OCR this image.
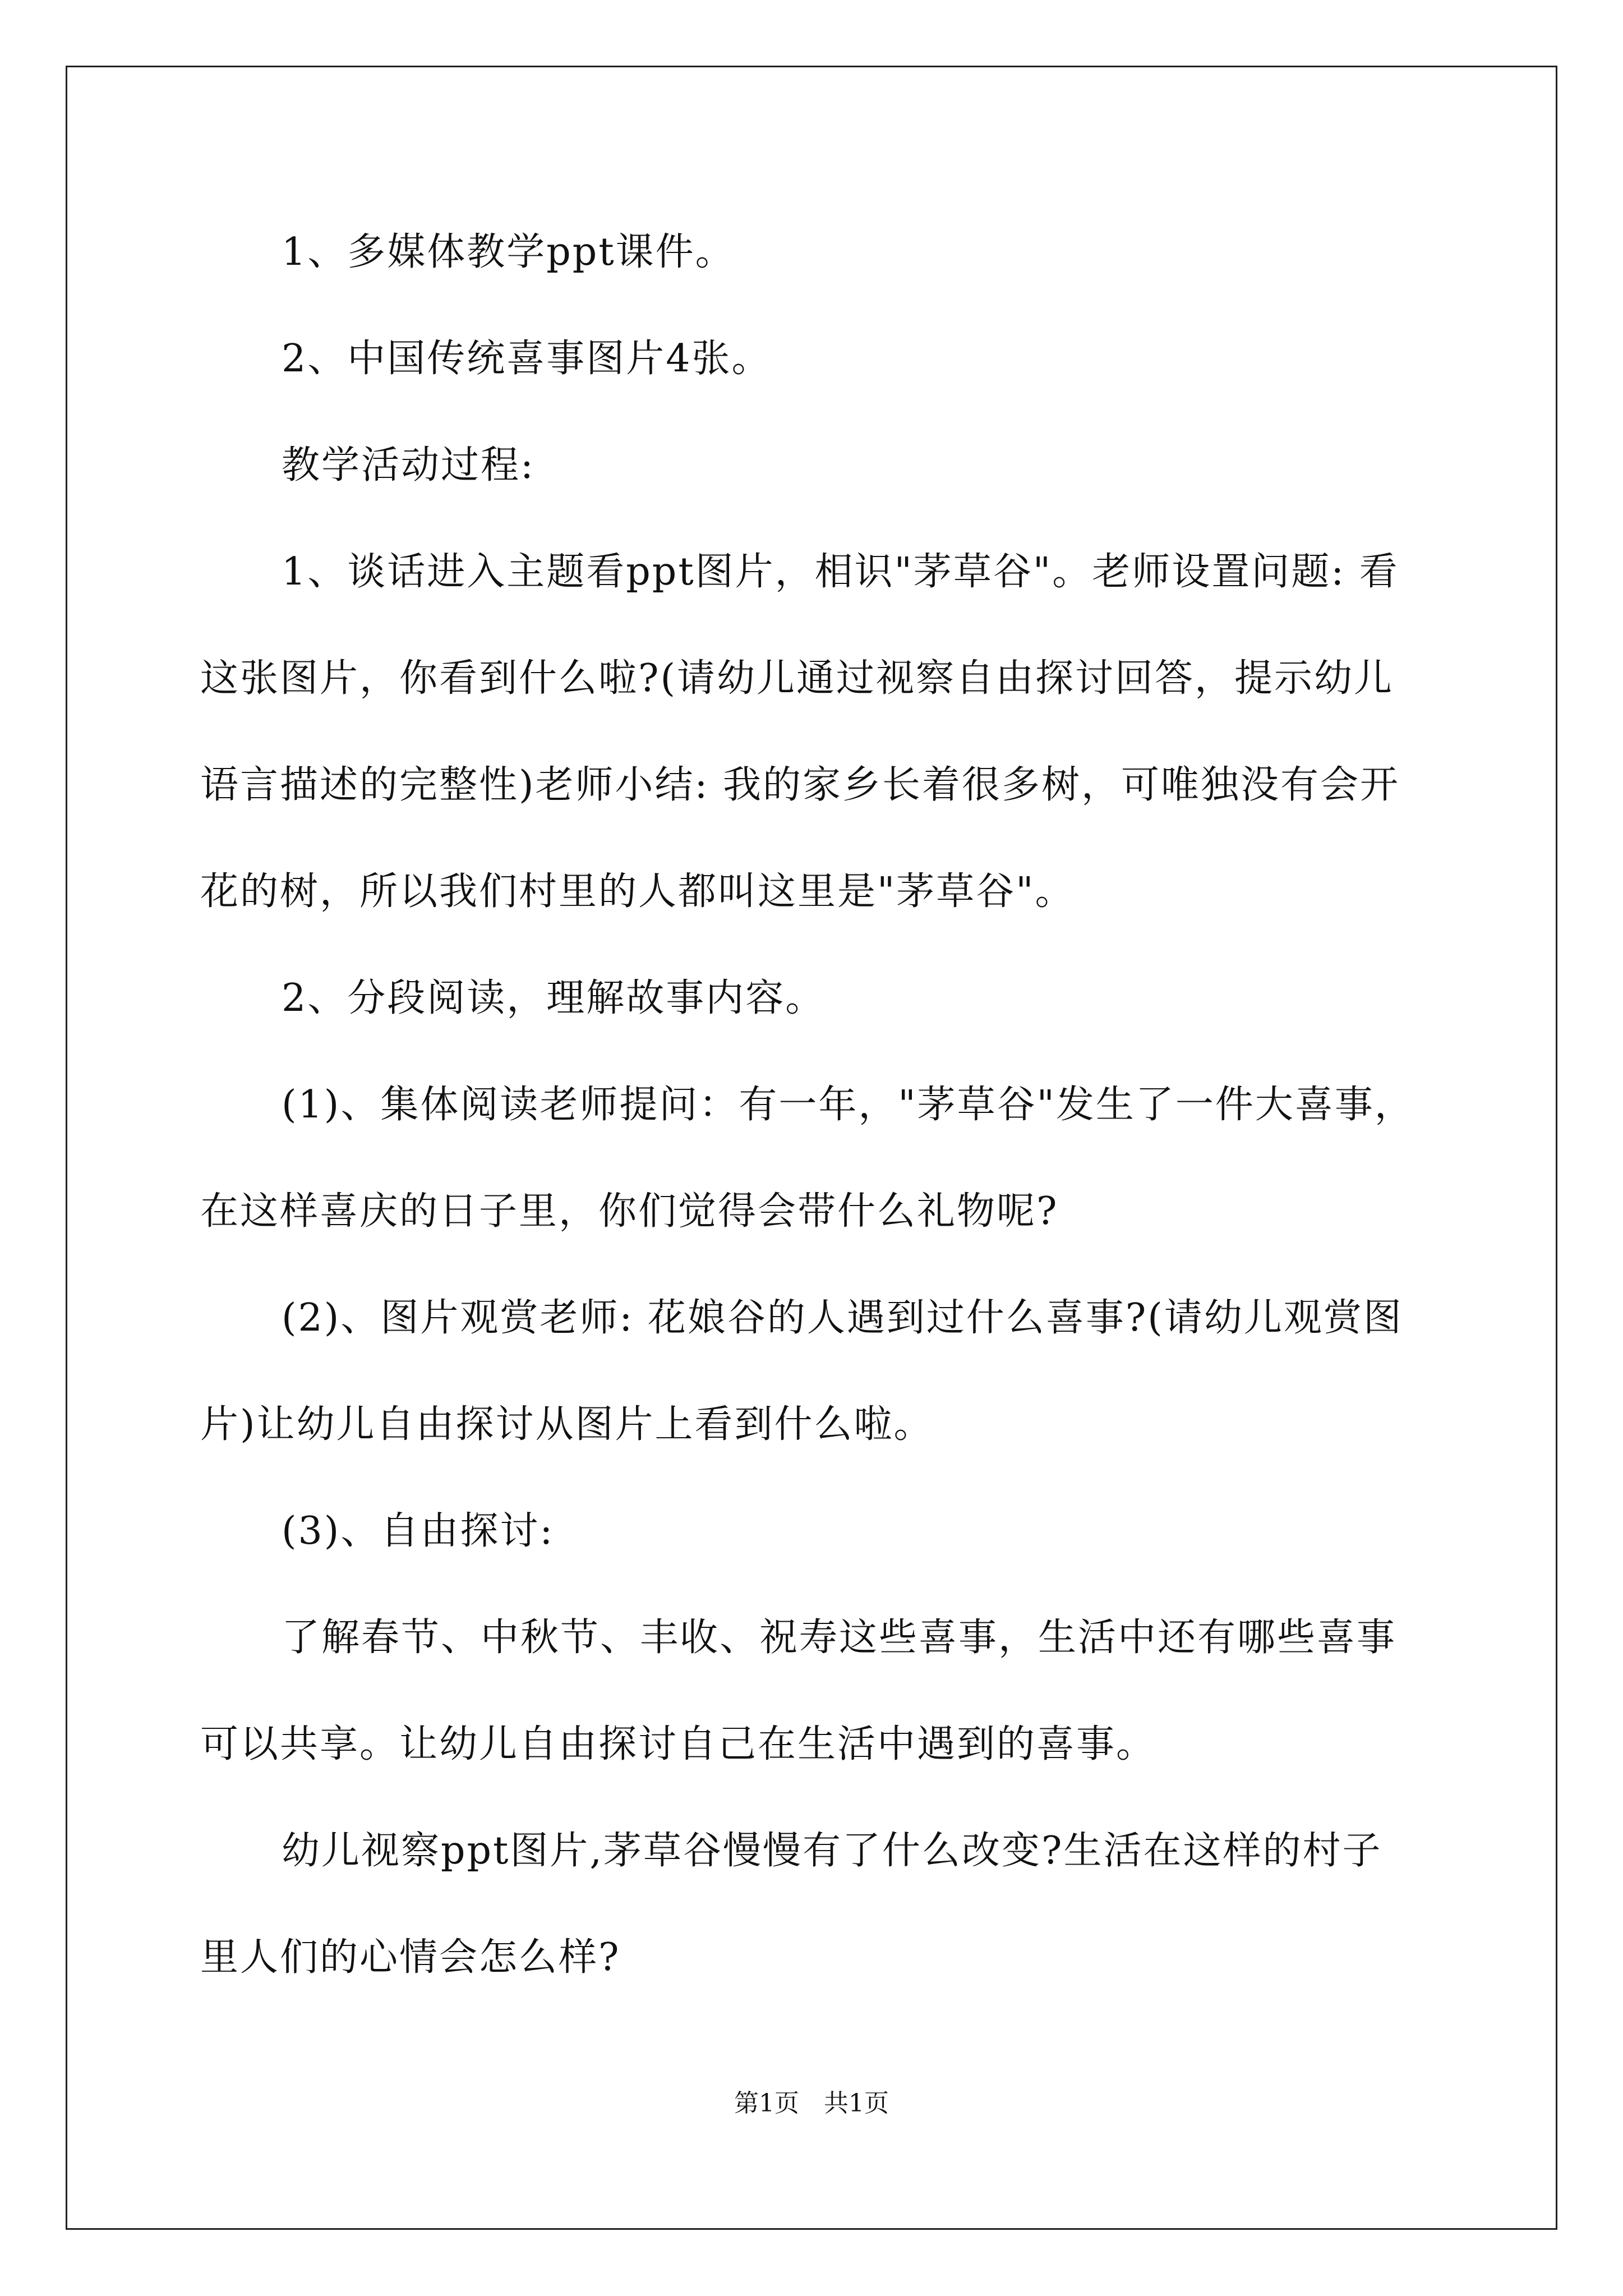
1、多媒体教学ppt课件。
2、中国传统喜事图片4张。
教学活动过程:
1、谈话进入主题看ppt图片，相识"茅草谷"。老师设置问题: 看
这张图片，你看到什么啦?(请幼儿通过视察自由探讨回答，提示幼儿
语言描述的完整性)老师小结: 我的家乡长着很多树，可唯独没有会开
花的树，所以我们村里的人都叫这里是"茅草谷"。
2、分段阅读，理解故事内容。
(1)、集体阅读老师提问：有一年，"茅草谷"发生了一件大喜事，
在这样喜庆的日子里，你们觉得会带什么礼物呢?
(2)、图片观赏老师: 花娘谷的人遇到过什么喜事?(请幼儿观赏图
片)让幼儿自由探讨从图片上看到什么啦。
(3)、自由探讨:
了解春节、中秋节、丰收、祝寿这些喜事，生活中还有哪些喜事
可以共享。让幼儿自由探讨自己在生活中遇到的喜事。
幼儿视察ppt图片,茅草谷慢慢有了什么改变?生活在这样的村子
里人们的心情会怎么样?
第1页　共1页
